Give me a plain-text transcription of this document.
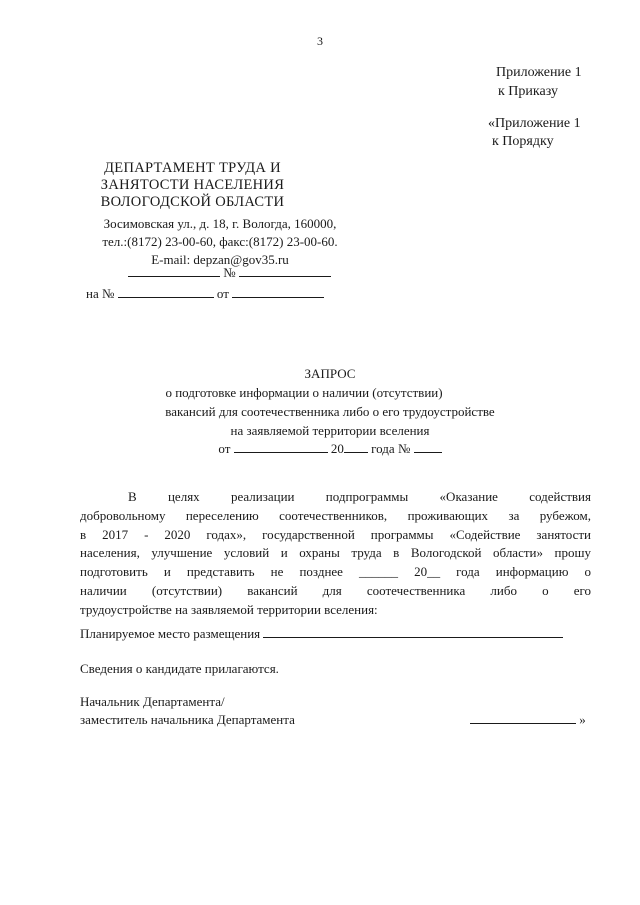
3
Приложение 1
к Приказу
«Приложение 1
к Порядку
ДЕПАРТАМЕНТ ТРУДА И
ЗАНЯТОСТИ НАСЕЛЕНИЯ
ВОЛОГОДСКОЙ ОБЛАСТИ
Зосимовская ул., д. 18, г. Вологда, 160000,
тел.:(8172) 23-00-60, факс:(8172) 23-00-60.
E-mail: depzan@gov35.ru
№
на №	от
ЗАПРОС
о подготовке информации о наличии (отсутствии)
вакансий для соотечественника либо о его трудоустройстве
на заявляемой территории вселения
от	20 года №
В целях реализации подпрограммы «Оказание содействия
добровольному переселению соотечественников, проживающих за рубежом,
в 2017 - 2020 годах», государственной программы «Содействие занятости
населения, улучшение условий и охраны труда в Вологодской области» прошу
подготовить и представить не позднее ______ 20__ года информацию о
наличии (отсутствии) вакансий для соотечественника либо о его
трудоустройстве на заявляемой территории вселения:
Планируемое место размещения
Сведения о кандидате прилагаются.
Начальник Департамента/
заместитель начальника Департамента	»
